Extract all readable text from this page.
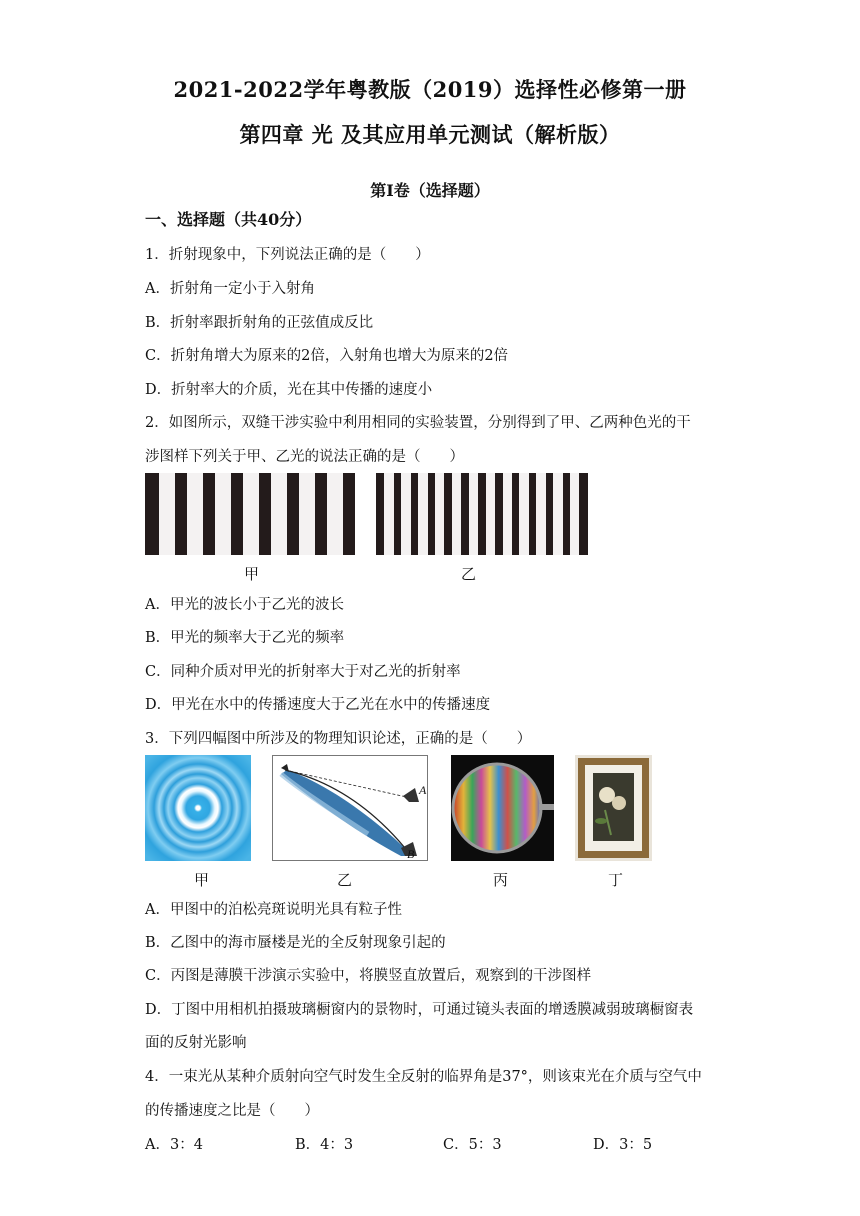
2021-2022学年粤教版（2019）选择性必修第一册
第四章 光 及其应用单元测试（解析版）
第I卷（选择题）
一、选择题（共40分）
1．折射现象中，下列说法正确的是（　　）
A．折射角一定小于入射角
B．折射率跟折射角的正弦值成反比
C．折射角增大为原来的2倍，入射角也增大为原来的2倍
D．折射率大的介质，光在其中传播的速度小
2．如图所示，双缝干涉实验中利用相同的实验装置，分别得到了甲、乙两种色光的干
涉图样下列关于甲、乙光的说法正确的是（　　）
甲	乙
A．甲光的波长小于乙光的波长
B．甲光的频率大于乙光的频率
C．同种介质对甲光的折射率大于对乙光的折射率
D．甲光在水中的传播速度大于乙光在水中的传播速度
3．下列四幅图中所涉及的物理知识论述，正确的是（　　）
A
B
甲	乙	丙	丁
A．甲图中的泊松亮斑说明光具有粒子性
B．乙图中的海市蜃楼是光的全反射现象引起的
C．丙图是薄膜干涉演示实验中，将膜竖直放置后，观察到的干涉图样
D．丁图中用相机拍摄玻璃橱窗内的景物时，可通过镜头表面的增透膜减弱玻璃橱窗表
面的反射光影响
4．一束光从某种介质射向空气时发生全反射的临界角是37°，则该束光在介质与空气中
的传播速度之比是（　　）
A．3：4	B．4：3	C．5：3	D．3：5
